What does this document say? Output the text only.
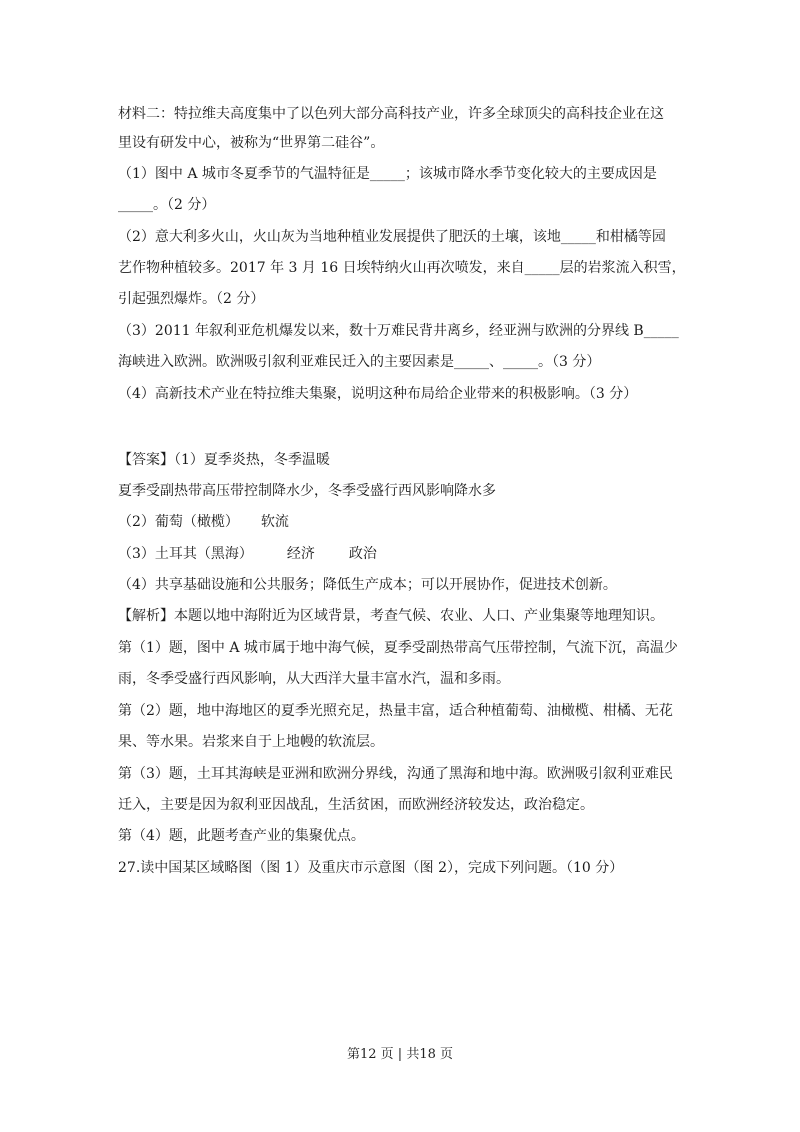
材料二：特拉维夫高度集中了以色列大部分高科技产业，许多全球顶尖的高科技企业在这
里设有研发中心，被称为“世界第二硅谷”。
（1）图中 A 城市冬夏季节的气温特征是_____；该城市降水季节变化较大的主要成因是
_____。（2 分）
（2）意大利多火山，火山灰为当地种植业发展提供了肥沃的土壤，该地_____和柑橘等园
艺作物种植较多。2017 年 3 月 16 日埃特纳火山再次喷发，来自_____层的岩浆流入积雪，
引起强烈爆炸。（2 分）
（3）2011 年叙利亚危机爆发以来，数十万难民背井离乡，经亚洲与欧洲的分界线 B_____
海峡进入欧洲。欧洲吸引叙利亚难民迁入的主要因素是_____、_____。（3 分）
（4）高新技术产业在特拉维夫集聚，说明这种布局给企业带来的积极影响。（3 分）
【答案】（1）夏季炎热，冬季温暖
夏季受副热带高压带控制降水少，冬季受盛行西风影响降水多
（2）葡萄（橄榄） 软流
（3）土耳其（黑海） 经济 政治
（4）共享基础设施和公共服务；降低生产成本；可以开展协作，促进技术创新。
【解析】本题以地中海附近为区域背景，考查气候、农业、人口、产业集聚等地理知识。
第（1）题，图中 A 城市属于地中海气候，夏季受副热带高气压带控制，气流下沉，高温少
雨，冬季受盛行西风影响，从大西洋大量丰富水汽，温和多雨。
第（2）题，地中海地区的夏季光照充足，热量丰富，适合种植葡萄、油橄榄、柑橘、无花
果、等水果。岩浆来自于上地幔的软流层。
第（3）题，土耳其海峡是亚洲和欧洲分界线，沟通了黑海和地中海。欧洲吸引叙利亚难民
迁入，主要是因为叙利亚因战乱，生活贫困，而欧洲经济较发达，政治稳定。
第（4）题，此题考查产业的集聚优点。
27.读中国某区域略图（图 1）及重庆市示意图（图 2），完成下列问题。（10 分）
第12 页 | 共18 页
